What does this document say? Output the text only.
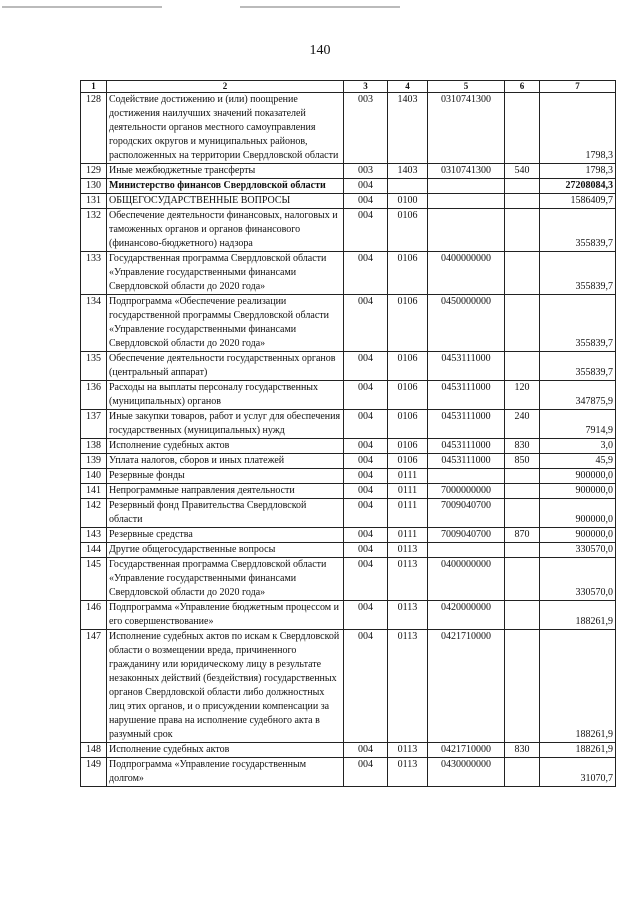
140
1	2	3	4	5	6	7
128	Содействие достижению и (или) поощрение достижения наилучших значений показателей деятельности органов местного самоуправления городских округов и муниципальных районов, расположенных на территории Свердловской области	003	1403	0310741300		1798,3
129	Иные межбюджетные трансферты	003	1403	0310741300	540	1798,3
130	Министерство финансов Свердловской области	004				27208084,3
131	ОБЩЕГОСУДАРСТВЕННЫЕ ВОПРОСЫ	004	0100			1586409,7
132	Обеспечение деятельности финансовых, налоговых и таможенных органов и органов финансового (финансово-бюджетного) надзора	004	0106			355839,7
133	Государственная программа Свердловской области «Управление государственными финансами Свердловской области до 2020 года»	004	0106	0400000000		355839,7
134	Подпрограмма «Обеспечение реализации государственной программы Свердловской области «Управление государственными финансами Свердловской области до 2020 года»	004	0106	0450000000		355839,7
135	Обеспечение деятельности государственных органов (центральный аппарат)	004	0106	0453111000		355839,7
136	Расходы на выплаты персоналу государственных (муниципальных) органов	004	0106	0453111000	120	347875,9
137	Иные закупки товаров, работ и услуг для обеспечения государственных (муниципальных) нужд	004	0106	0453111000	240	7914,9
138	Исполнение судебных актов	004	0106	0453111000	830	3,0
139	Уплата налогов, сборов и иных платежей	004	0106	0453111000	850	45,9
140	Резервные фонды	004	0111			900000,0
141	Непрограммные направления деятельности	004	0111	7000000000		900000,0
142	Резервный фонд Правительства Свердловской области	004	0111	7009040700		900000,0
143	Резервные средства	004	0111	7009040700	870	900000,0
144	Другие общегосударственные вопросы	004	0113			330570,0
145	Государственная программа Свердловской области «Управление государственными финансами Свердловской области до 2020 года»	004	0113	0400000000		330570,0
146	Подпрограмма «Управление бюджетным процессом и его совершенствование»	004	0113	0420000000		188261,9
147	Исполнение судебных актов по искам к Свердловской области о возмещении вреда, причиненного гражданину или юридическому лицу в результате незаконных действий (бездействия) государственных органов Свердловской области либо должностных лиц этих органов, и о присуждении компенсации за нарушение права на исполнение судебного акта в разумный срок	004	0113	0421710000		188261,9
148	Исполнение судебных актов	004	0113	0421710000	830	188261,9
149	Подпрограмма «Управление государственным долгом»	004	0113	0430000000		31070,7
